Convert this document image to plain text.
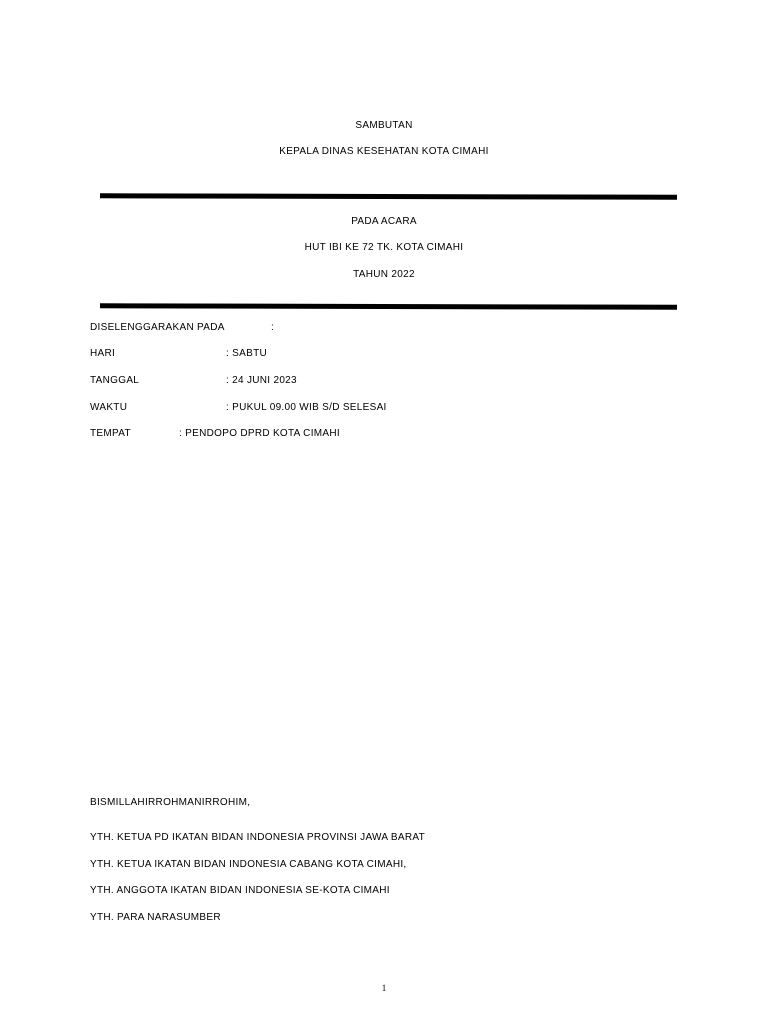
SAMBUTAN
KEPALA DINAS KESEHATAN KOTA CIMAHI
PADA ACARA
HUT IBI KE 72 TK. KOTA CIMAHI
TAHUN 2022
DISELENGGARAKAN PADA	:
HARI	: SABTU
TANGGAL	: 24 JUNI 2023
WAKTU	: PUKUL 09.00 WIB S/D SELESAI
TEMPAT	: PENDOPO DPRD KOTA CIMAHI
BISMILLAHIRROHMANIRROHIM,
YTH. KETUA PD IKATAN BIDAN INDONESIA PROVINSI JAWA BARAT
YTH. KETUA IKATAN BIDAN INDONESIA CABANG KOTA CIMAHI,
YTH. ANGGOTA IKATAN BIDAN INDONESIA SE-KOTA CIMAHI
YTH. PARA NARASUMBER
1
